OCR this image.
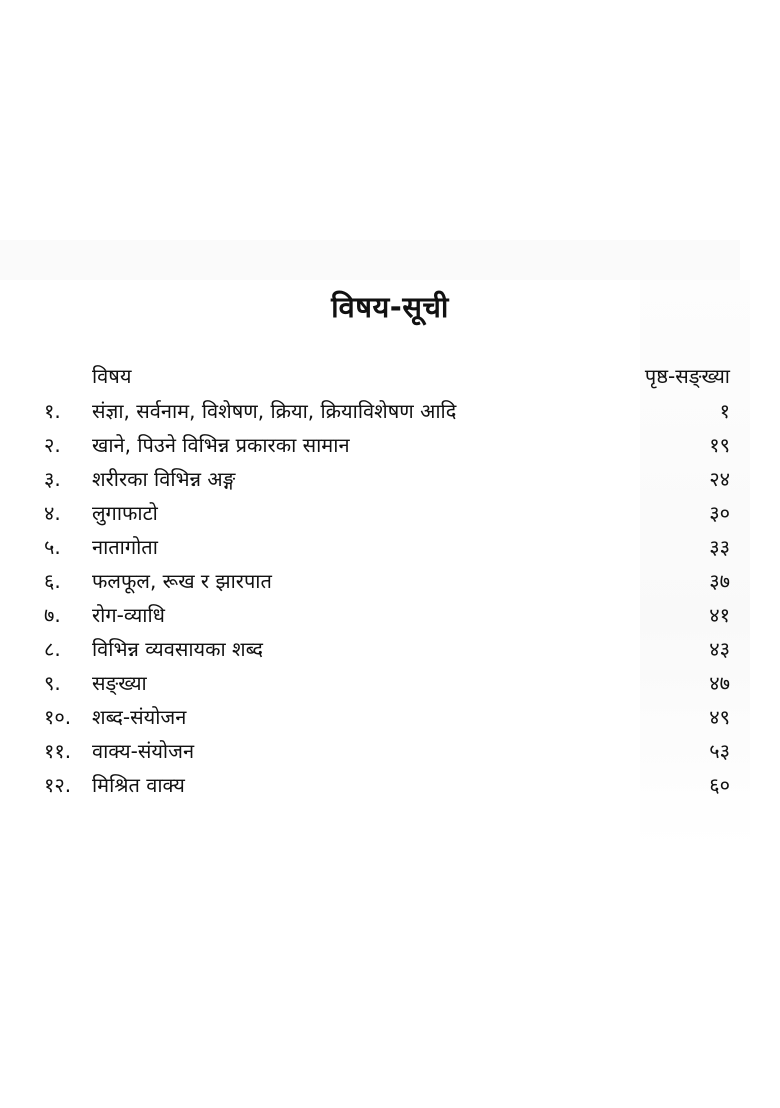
विषय-सूची
विषय	पृष्ठ-सङ्ख्या
१. संज्ञा, सर्वनाम, विशेषण, क्रिया, क्रियाविशेषण आदि	१
२. खाने, पिउने विभिन्न प्रकारका सामान	१९
३. शरीरका विभिन्न अङ्ग	२४
४. लुगाफाटो	३०
५. नातागोता	३३
६. फलफूल, रूख र झारपात	३७
७. रोग-व्याधि	४१
८. विभिन्न व्यवसायका शब्द	४३
९. सङ्ख्या	४७
१०. शब्द-संयोजन	४९
११. वाक्य-संयोजन	५३
१२. मिश्रित वाक्य	६०
